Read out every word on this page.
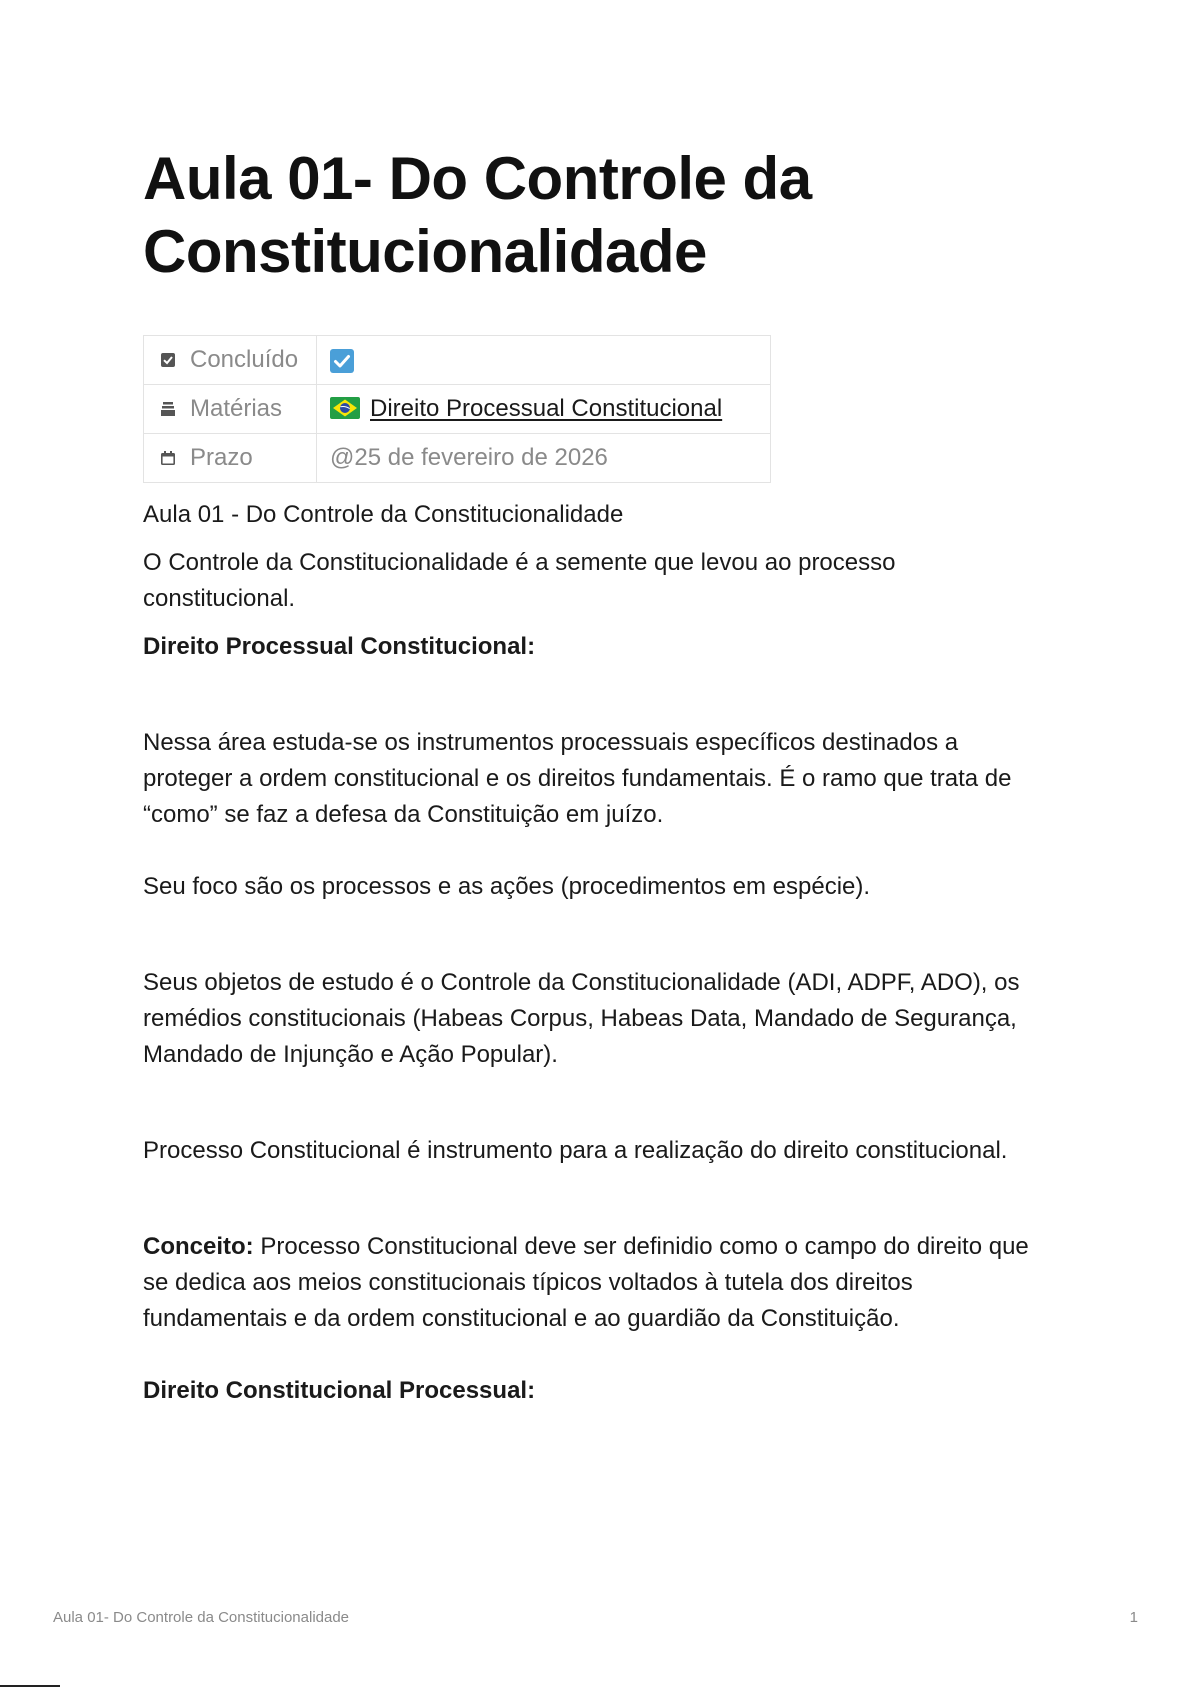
Aula 01- Do Controle da Constitucionalidade
Concluído

Matérias	Direito Processual Constitucional

Prazo	@25 de fevereiro de 2026

Aula 01 - Do Controle da Constitucionalidade

O Controle da Constitucionalidade é a semente que levou ao processo constitucional.

Direito Processual Constitucional:

Nessa área estuda-se os instrumentos processuais específicos destinados a proteger a ordem constitucional e os direitos fundamentais. É o ramo que trata de “como” se faz a defesa da Constituição em juízo.

Seu foco são os processos e as ações (procedimentos em espécie).

Seus objetos de estudo é o Controle da Constitucionalidade (ADI, ADPF, ADO), os remédios constitucionais (Habeas Corpus, Habeas Data, Mandado de Segurança, Mandado de Injunção e Ação Popular).

Processo Constitucional é instrumento para a realização do direito constitucional.

Conceito: Processo Constitucional deve ser definidio como o campo do direito que se dedica aos meios constitucionais típicos voltados à tutela dos direitos fundamentais e da ordem constitucional e ao guardião da Constituição.

Direito Constitucional Processual:

Aula 01- Do Controle da Constitucionalidade	1
